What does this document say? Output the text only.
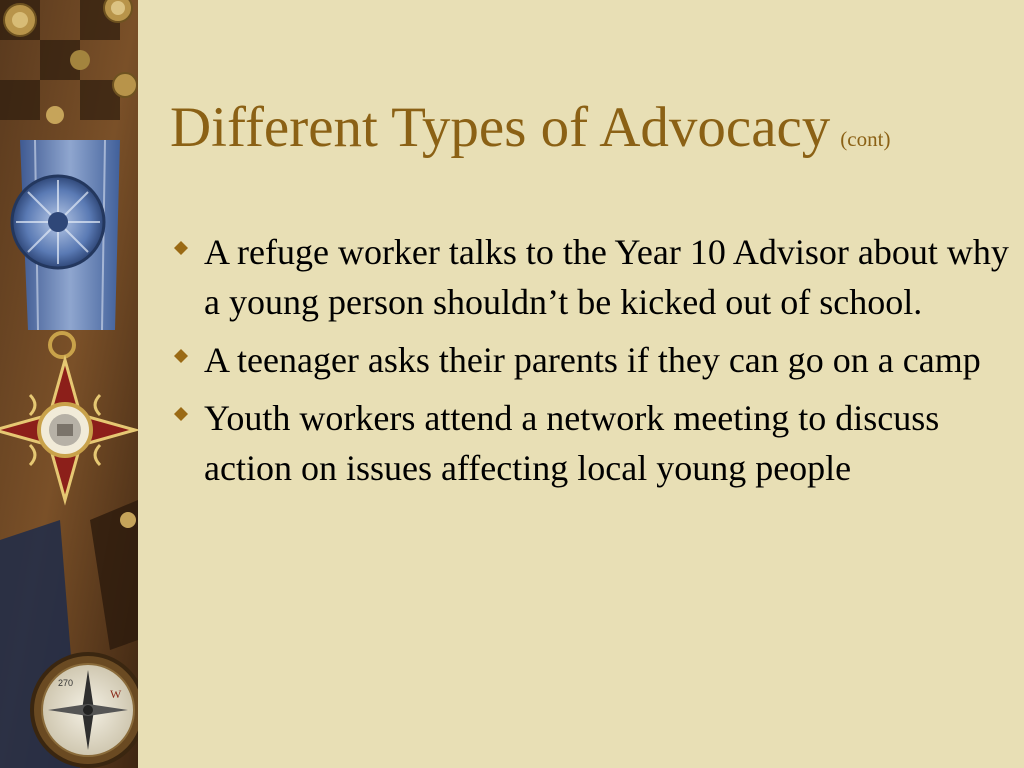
W
270
Different Types of Advocacy (cont)
A refuge worker talks to the Year 10 Advisor about why a young person shouldn’t be kicked out of school.
A teenager asks their parents if they can go on a camp
Youth workers attend a network meeting to discuss action on issues affecting local young people
